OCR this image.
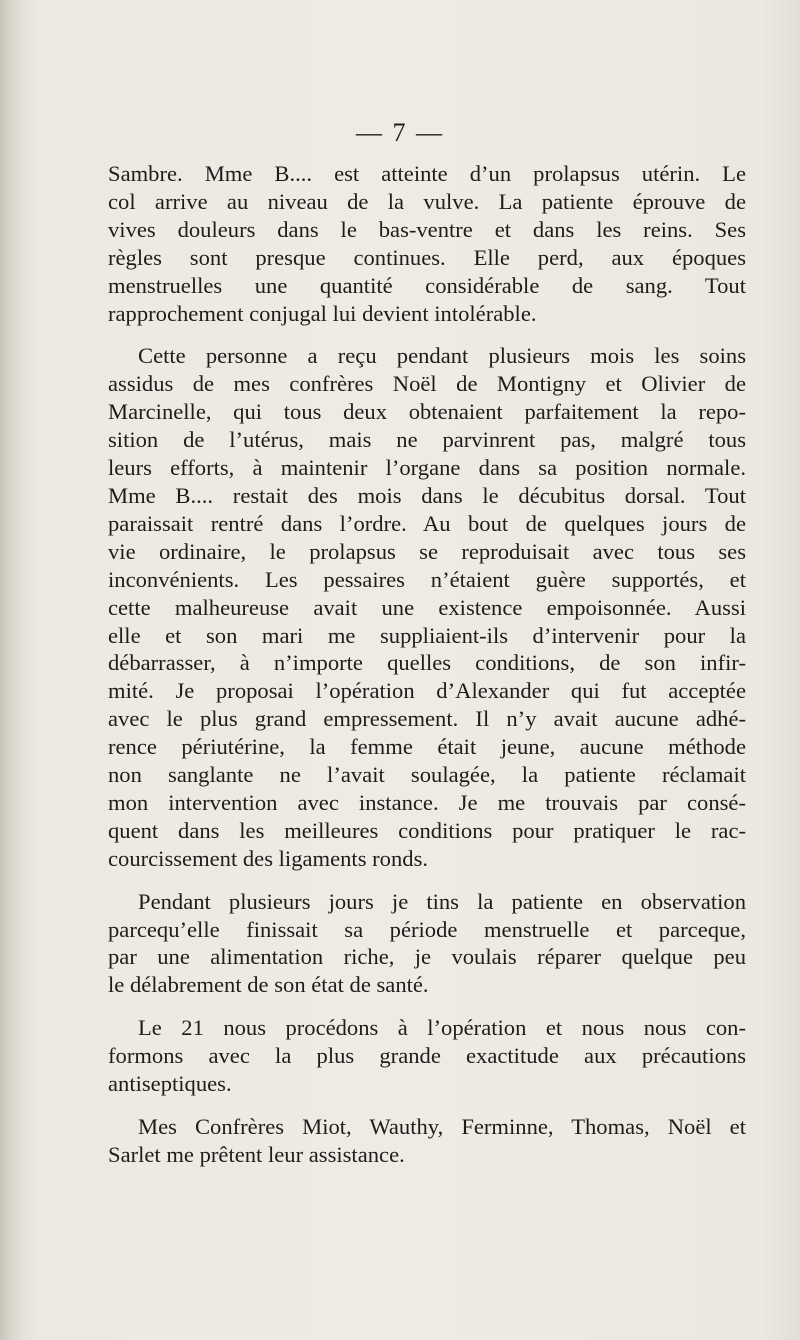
— 7 —

Sambre. Mme B.... est atteinte d’un prolapsus utérin. Le
col arrive au niveau de la vulve. La patiente éprouve de
vives douleurs dans le bas-ventre et dans les reins. Ses
règles sont presque continues. Elle perd, aux époques
menstruelles une quantité considérable de sang. Tout
rapprochement conjugal lui devient intolérable.

Cette personne a reçu pendant plusieurs mois les soins
assidus de mes confrères Noël de Montigny et Olivier de
Marcinelle, qui tous deux obtenaient parfaitement la repo-
sition de l’utérus, mais ne parvinrent pas, malgré tous
leurs efforts, à maintenir l’organe dans sa position normale.
Mme B.... restait des mois dans le décubitus dorsal. Tout
paraissait rentré dans l’ordre. Au bout de quelques jours de
vie ordinaire, le prolapsus se reproduisait avec tous ses
inconvénients. Les pessaires n’étaient guère supportés, et
cette malheureuse avait une existence empoisonnée. Aussi
elle et son mari me suppliaient-ils d’intervenir pour la
débarrasser, à n’importe quelles conditions, de son infir-
mité. Je proposai l’opération d’Alexander qui fut acceptée
avec le plus grand empressement. Il n’y avait aucune adhé-
rence périutérine, la femme était jeune, aucune méthode
non sanglante ne l’avait soulagée, la patiente réclamait
mon intervention avec instance. Je me trouvais par consé-
quent dans les meilleures conditions pour pratiquer le rac-
courcissement des ligaments ronds.

Pendant plusieurs jours je tins la patiente en observation
parcequ’elle finissait sa période menstruelle et parceque,
par une alimentation riche, je voulais réparer quelque peu
le délabrement de son état de santé.

Le 21 nous procédons à l’opération et nous nous con-
formons avec la plus grande exactitude aux précautions
antiseptiques.

Mes Confrères Miot, Wauthy, Ferminne, Thomas, Noël et
Sarlet me prêtent leur assistance.
